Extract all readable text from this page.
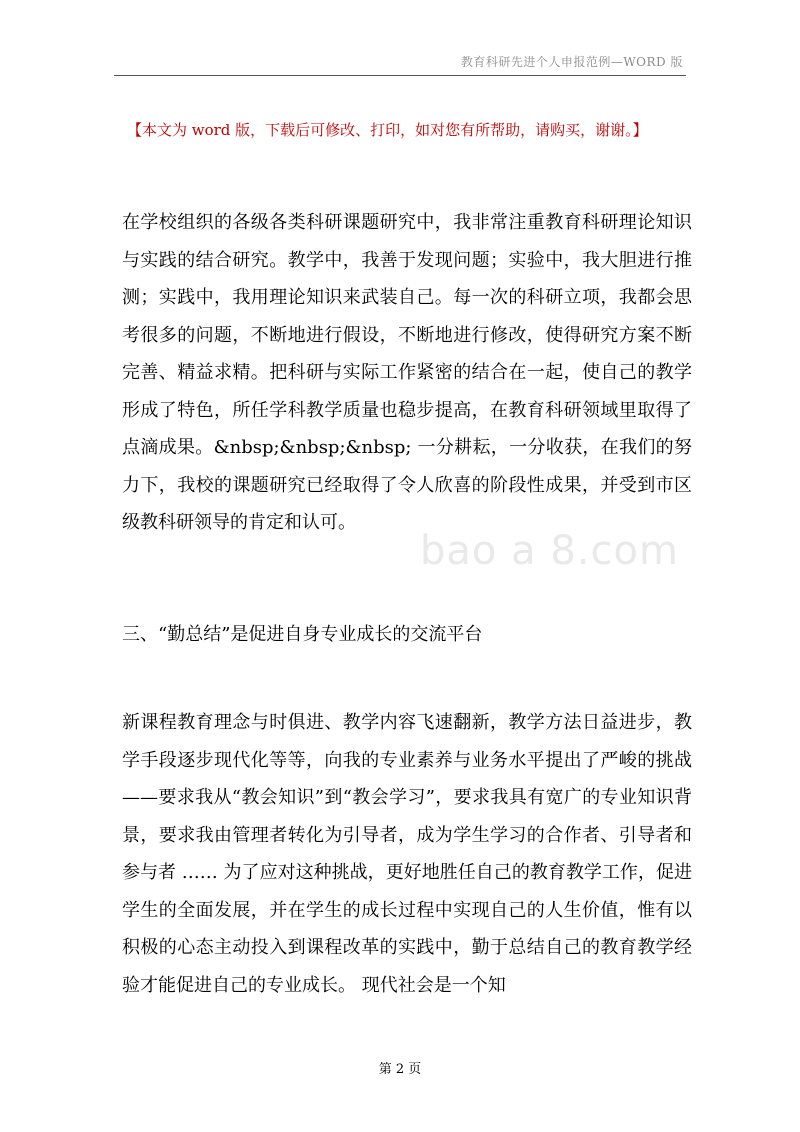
教育科研先进个人申报范例—WORD 版
【本文为 word 版，下载后可修改、打印，如对您有所帮助，请购买，谢谢。】
bao a 8.com

在学校组织的各级各类科研课题研究中，我非常注重教育科研理论知识与实践的结合研究。教学中，我善于发现问题；实验中，我大胆进行推测；实践中，我用理论知识来武装自己。每一次的科研立项，我都会思考很多的问题，不断地进行假设，不断地进行修改，使得研究方案不断完善、精益求精。把科研与实际工作紧密的结合在一起，使自己的教学形成了特色，所任学科教学质量也稳步提高，在教育科研领域里取得了点滴成果。&nbsp;&nbsp;&nbsp; 一分耕耘，一分收获，在我们的努力下，我校的课题研究已经取得了令人欣喜的阶段性成果，并受到市区级教科研领导的肯定和认可。

三、“勤总结”是促进自身专业成长的交流平台

新课程教育理念与时俱进、教学内容飞速翻新，教学方法日益进步，教学手段逐步现代化等等，向我的专业素养与业务水平提出了严峻的挑战——要求我从“教会知识”到“教会学习”，要求我具有宽广的专业知识背景，要求我由管理者转化为引导者，成为学生学习的合作者、引导者和参与者 …… 为了应对这种挑战，更好地胜任自己的教育教学工作，促进学生的全面发展，并在学生的成长过程中实现自己的人生价值，惟有以积极的心态主动投入到课程改革的实践中，勤于总结自己的教育教学经验才能促进自己的专业成长。 现代社会是一个知

第 2 页
